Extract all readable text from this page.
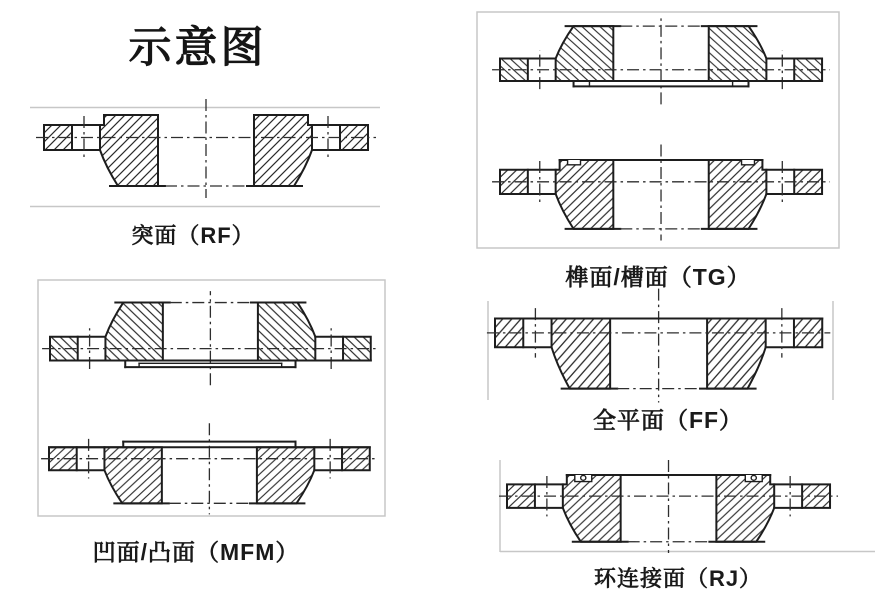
示意图
突面（RF）
凹面/凸面（MFM）
榫面/槽面（TG）
全平面（FF）
环连接面（RJ）
